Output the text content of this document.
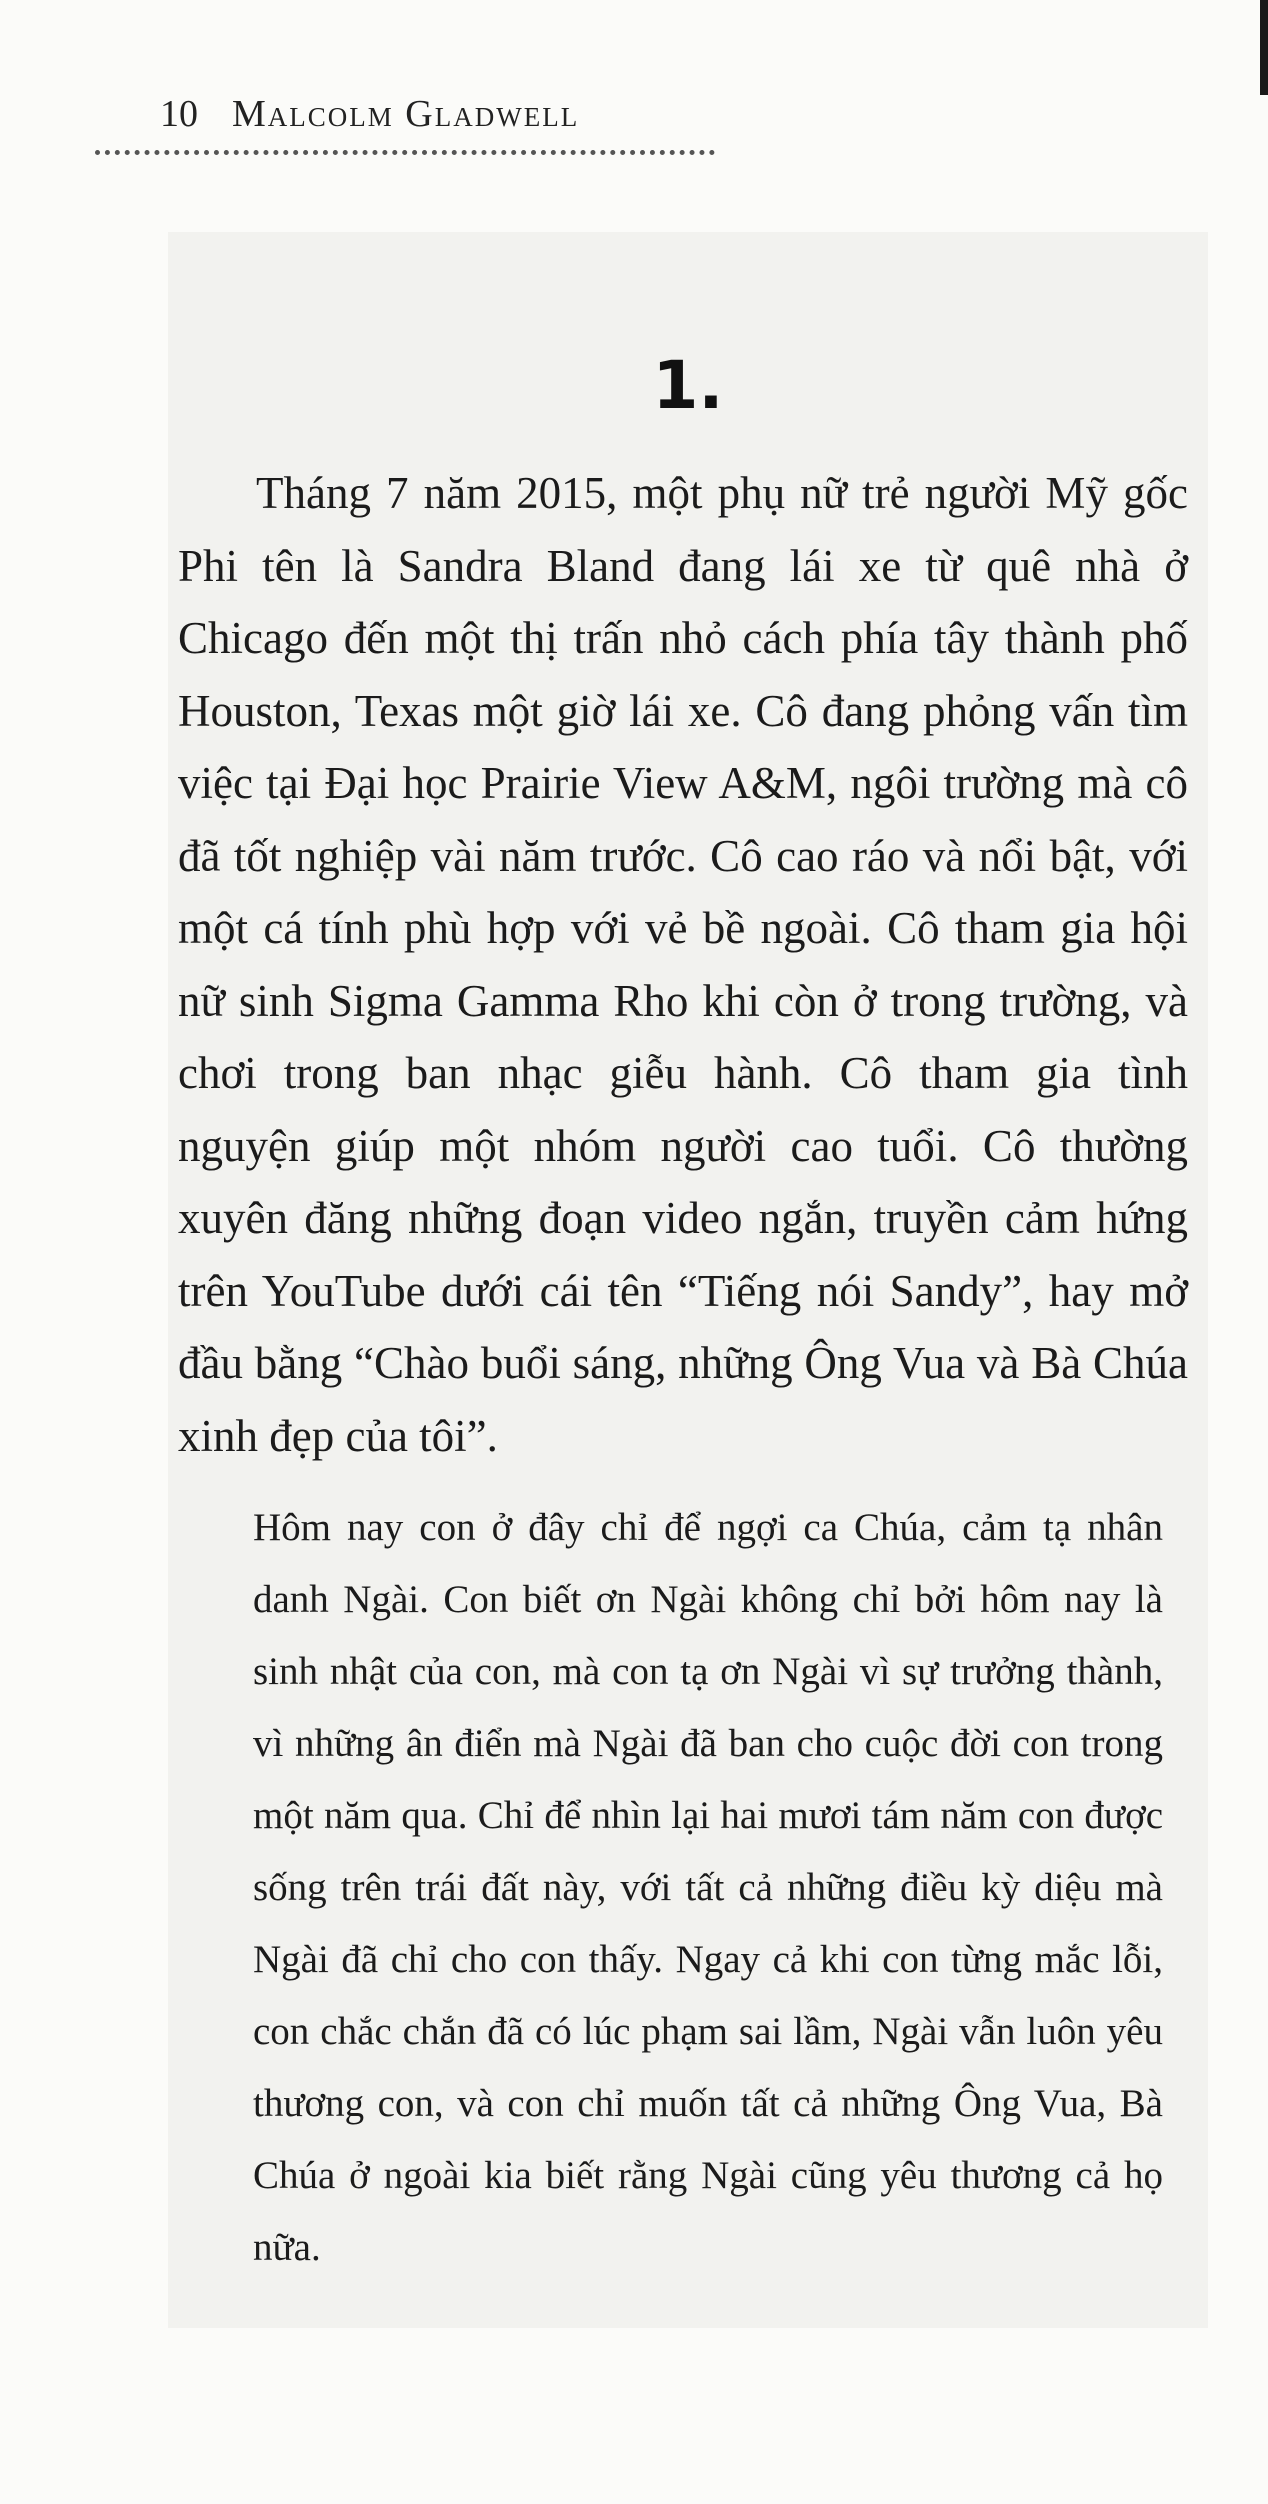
10 Malcolm Gladwell
1.

Tháng 7 năm 2015, một phụ nữ trẻ người Mỹ gốc Phi tên là Sandra Bland đang lái xe từ quê nhà ở Chicago đến một thị trấn nhỏ cách phía tây thành phố Houston, Texas một giờ lái xe. Cô đang phỏng vấn tìm việc tại Đại học Prairie View A&M, ngôi trường mà cô đã tốt nghiệp vài năm trước. Cô cao ráo và nổi bật, với một cá tính phù hợp với vẻ bề ngoài. Cô tham gia hội nữ sinh Sigma Gamma Rho khi còn ở trong trường, và chơi trong ban nhạc giễu hành. Cô tham gia tình nguyện giúp một nhóm người cao tuổi. Cô thường xuyên đăng những đoạn video ngắn, truyền cảm hứng trên YouTube dưới cái tên “Tiếng nói Sandy”, hay mở đầu bằng “Chào buổi sáng, những Ông Vua và Bà Chúa xinh đẹp của tôi”.

Hôm nay con ở đây chỉ để ngợi ca Chúa, cảm tạ nhân danh Ngài. Con biết ơn Ngài không chỉ bởi hôm nay là sinh nhật của con, mà con tạ ơn Ngài vì sự trưởng thành, vì những ân điển mà Ngài đã ban cho cuộc đời con trong một năm qua. Chỉ để nhìn lại hai mươi tám năm con được sống trên trái đất này, với tất cả những điều kỳ diệu mà Ngài đã chỉ cho con thấy. Ngay cả khi con từng mắc lỗi, con chắc chắn đã có lúc phạm sai lầm, Ngài vẫn luôn yêu thương con, và con chỉ muốn tất cả những Ông Vua, Bà Chúa ở ngoài kia biết rằng Ngài cũng yêu thương cả họ nữa.
